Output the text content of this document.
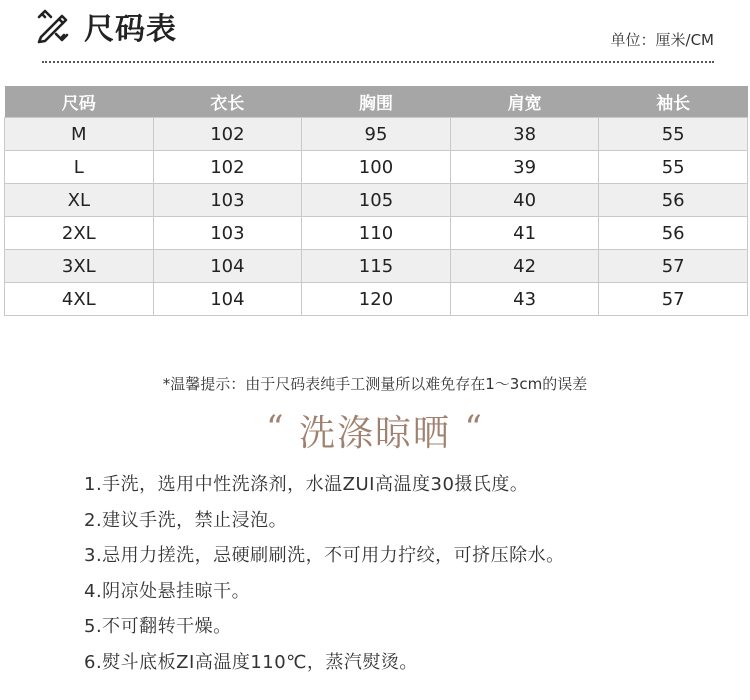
尺码表	单位：厘米/CM
尺码	衣长	胸围	肩宽	袖长
M	102	95	38	55
L	102	100	39	55
XL	103	105	40	56
2XL	103	110	41	56
3XL	104	115	42	57
4XL	104	120	43	57
*温馨提示：由于尺码表纯手工测量所以难免存在1～3cm的误差
“ 洗涤晾晒 “
1.手洗，选用中性洗涤剂，水温ZUI高温度30摄氏度。
2.建议手洗，禁止浸泡。
3.忌用力搓洗，忌硬刷刷洗，不可用力拧绞，可挤压除水。
4.阴凉处悬挂晾干。
5.不可翻转干燥。
6.熨斗底板ZI高温度110℃，蒸汽熨烫。
